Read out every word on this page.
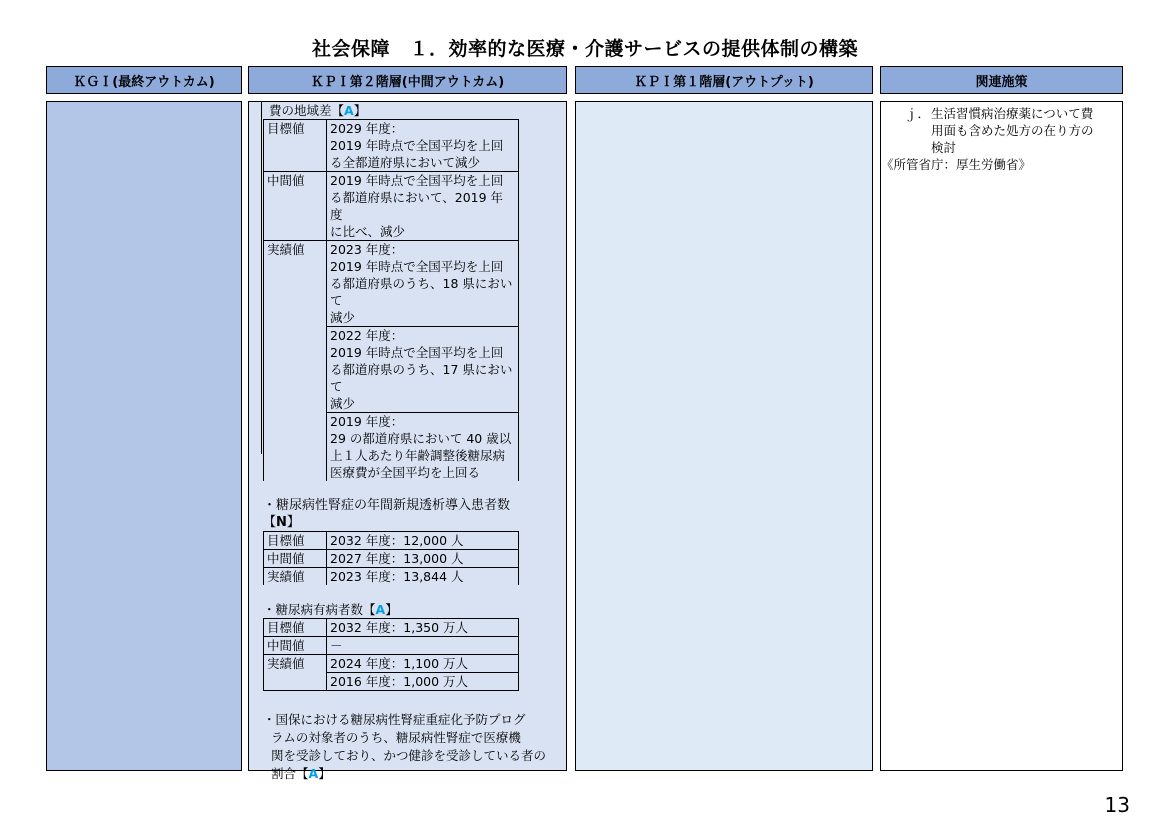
社会保障　１．効率的な医療・介護サービスの提供体制の構築
ＫＧＩ(最終アウトカム)	ＫＰＩ第２階層(中間アウトカム)	ＫＰＩ第１階層(アウトプット)	関連施策

費の地域差【A】

目標値	2029 年度：
2019 年時点で全国平均を上回
る全都道府県において減少

中間値	2019 年時点で全国平均を上回
る都道府県において、2019 年度
に比べ、減少

実績値	2023 年度：
2019 年時点で全国平均を上回
る都道府県のうち、18 県において
減少

	2022 年度：
2019 年時点で全国平均を上回
る都道府県のうち、17 県において
減少

	2019 年度：
29 の都道府県において 40 歳以
上１人あたり年齢調整後糖尿病
医療費が全国平均を上回る

・糖尿病性腎症の年間新規透析導入患者数
【N】

目標値	2032 年度：12,000 人
中間値	2027 年度：13,000 人
実績値	2023 年度：13,844 人

・糖尿病有病者数【A】

目標値	2032 年度：1,350 万人
中間値	－
実績値	2024 年度：1,100 万人
	2016 年度：1,000 万人
・国保における糖尿病性腎症重症化予防プログ
ラムの対象者のうち、糖尿病性腎症で医療機
関を受診しており、かつ健診を受診している者の
割合【A】
ｊ． 生活習慣病治療薬について費
用面も含めた処方の在り方の
検討
《所管省庁：厚生労働省》
13
